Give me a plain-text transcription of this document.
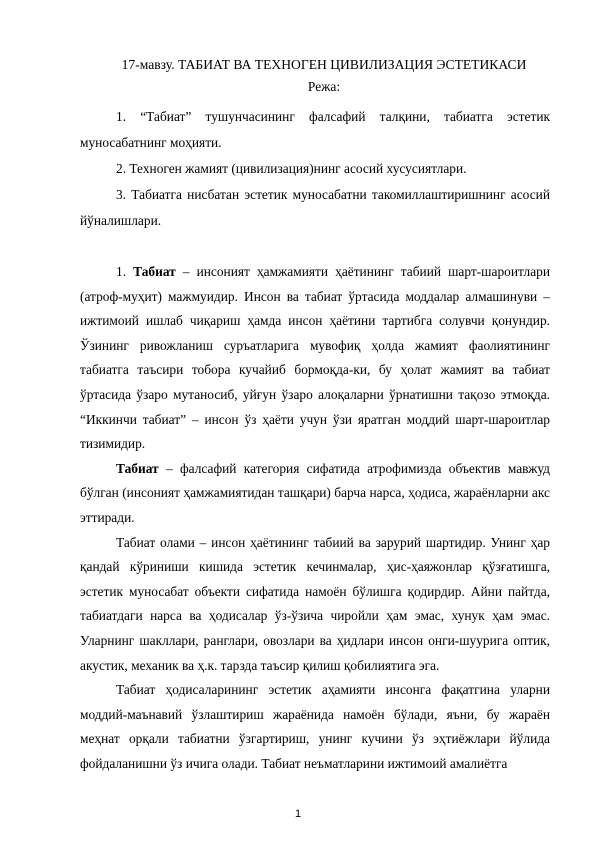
17-мавзу. ТАБИАТ ВА ТЕХНОГЕН ЦИВИЛИЗАЦИЯ ЭСТЕТИКАСИ
Режа:

1. “Табиат” тушунчасининг фалсафий талқини, табиатга эстетик муносабатнинг моҳияти.

2. Техноген жамият (цивилизация)нинг асосий хусусиятлари.

3. Табиатга нисбатан эстетик муносабатни такомиллаштиришнинг асосий йўналишлари.

1. Табиат – инсоният ҳамжамияти ҳаётининг табиий шарт-шароитлари (атроф-муҳит) мажмуидир. Инсон ва табиат ўртасида моддалар алмашинуви – ижтимоий ишлаб чиқариш ҳамда инсон ҳаётини тартибга солувчи қонундир. Ўзининг ривожланиш суръатларига мувофиқ ҳолда жамият фаолиятининг табиатга таъсири тобора кучайиб бормоқда-ки, бу ҳолат жамият ва табиат ўртасида ўзаро мутаносиб, уйғун ўзаро алоқаларни ўрнатишни тақозо этмоқда. “Иккинчи табиат” – инсон ўз ҳаёти учун ўзи яратган моддий шарт-шароитлар тизимидир.

Табиат – фалсафий категория сифатида атрофимизда объектив мавжуд бўлган (инсоният ҳамжамиятидан ташқари) барча нарса, ҳодиса, жараёнларни акс эттиради.

Табиат олами – инсон ҳаётининг табиий ва зарурий шартидир. Унинг ҳар қандай кўриниши кишида эстетик кечинмалар, ҳис-ҳаяжонлар қўзғатишга, эстетик муносабат объекти сифатида намоён бўлишга қодирдир. Айни пайтда, табиатдаги нарса ва ҳодисалар ўз-ўзича чиройли ҳам эмас, хунук ҳам эмас. Уларнинг шакллари, ранглари, овозлари ва ҳидлари инсон онги-шуурига оптик, акустик, механик ва ҳ.к. тарзда таъсир қилиш қобилиятига эга.

Табиат ҳодисаларининг эстетик аҳамияти инсонга фақатгина уларни моддий-маънавий ўзлаштириш жараёнида намоён бўлади, яъни, бу жараён меҳнат орқали табиатни ўзгартириш, унинг кучини ўз эҳтиёжлари йўлида фойдаланишни ўз ичига олади. Табиат неъматларини ижтимоий амалиётга

1
